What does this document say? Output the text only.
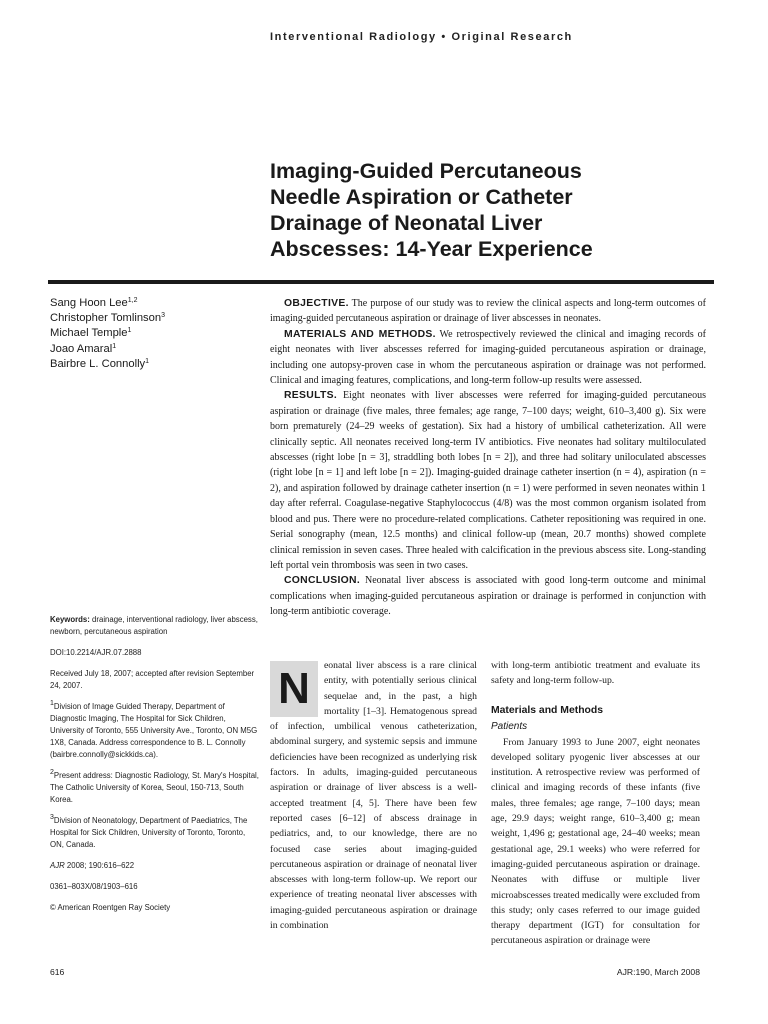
Interventional Radiology • Original Research
Imaging-Guided Percutaneous
Needle Aspiration or Catheter
Drainage of Neonatal Liver
Abscesses: 14-Year Experience
Sang Hoon Lee$^{1,2}$
Christopher Tomlinson$^3$
Michael Temple$^1$
Joao Amaral$^1$
Bairbre L. Connolly$^1$

OBJECTIVE. The purpose of our study was to review the clinical aspects and long-term outcomes of imaging-guided percutaneous aspiration or drainage of liver abscesses in neonates.

MATERIALS AND METHODS. We retrospectively reviewed the clinical and imaging records of eight neonates with liver abscesses referred for imaging-guided percutaneous aspiration or drainage, including one autopsy-proven case in whom the percutaneous aspiration or drainage was not performed. Clinical and imaging features, complications, and long-term follow-up results were assessed.

RESULTS. Eight neonates with liver abscesses were referred for imaging-guided percutaneous aspiration or drainage (five males, three females; age range, 7–100 days; weight, 610–3,400 g). Six were born prematurely (24–29 weeks of gestation). Six had a history of umbilical catheterization. All were clinically septic. All neonates received long-term IV antibiotics. Five neonates had solitary multiloculated abscesses (right lobe [n = 3], straddling both lobes [n = 2]), and three had solitary uniloculated abscesses (right lobe [n = 1] and left lobe [n = 2]). Imaging-guided drainage catheter insertion (n = 4), aspiration (n = 2), and aspiration followed by drainage catheter insertion (n = 1) were performed in seven neonates within 1 day after referral. Coagulase-negative Staphylococcus (4/8) was the most common organism isolated from blood and pus. There were no procedure-related complications. Catheter repositioning was required in one. Serial sonography (mean, 12.5 months) and clinical follow-up (mean, 20.7 months) showed complete clinical remission in seven cases. Three healed with calcification in the previous abscess site. Long-standing left portal vein thrombosis was seen in two cases.

CONCLUSION. Neonatal liver abscess is associated with good long-term outcome and minimal complications when imaging-guided percutaneous aspiration or drainage is performed in conjunction with long-term antibiotic coverage.

Keywords: drainage, interventional radiology, liver abscess, newborn, percutaneous aspiration
DOI:10.2214/AJR.07.2888
Received July 18, 2007; accepted after revision September 24, 2007.
$^1$Division of Image Guided Therapy, Department of Diagnostic Imaging, The Hospital for Sick Children, University of Toronto, 555 University Ave., Toronto, ON M5G 1X8, Canada. Address correspondence to B. L. Connolly (bairbre.connolly@sickkids.ca).
$^2$Present address: Diagnostic Radiology, St. Mary's Hospital, The Catholic University of Korea, Seoul, 150-713, South Korea.
$^3$Division of Neonatology, Department of Paediatrics, The Hospital for Sick Children, University of Toronto, Toronto, ON, Canada.
AJR 2008; 190:616–622
0361–803X/08/1903–616
© American Roentgen Ray Society
N	eonatal liver abscess is a rare clinical entity, with potentially serious clinical sequelae and, in the past, a high mortality [1–3]. Hematogenous spread of infection, umbilical venous catheterization, abdominal surgery, and systemic sepsis and immune deficiencies have been recognized as underlying risk factors. In adults, imaging-guided percutaneous aspiration or drainage of liver abscess is a well-accepted treatment [4, 5]. There have been few reported cases [6–12] of abscess drainage in pediatrics, and, to our knowledge, there are no focused case series about imaging-guided percutaneous aspiration or drainage of neonatal liver abscesses with long-term follow-up. We report our experience of treating neonatal liver abscesses with imaging-guided percutaneous aspiration or drainage in combination

with long-term antibiotic treatment and evaluate its safety and long-term follow-up.

Materials and Methods
Patients

From January 1993 to June 2007, eight neonates developed solitary pyogenic liver abscesses at our institution. A retrospective review was performed of clinical and imaging records of these infants (five males, three females; age range, 7–100 days; mean age, 29.9 days; weight range, 610–3,400 g; mean weight, 1,496 g; gestational age, 24–40 weeks; mean gestational age, 29.1 weeks) who were referred for imaging-guided percutaneous aspiration or drainage. Neonates with diffuse or multiple liver microabscesses treated medically were excluded from this study; only cases referred to our image guided therapy department (IGT) for consultation for percutaneous aspiration or drainage were

616	AJR:190, March 2008
